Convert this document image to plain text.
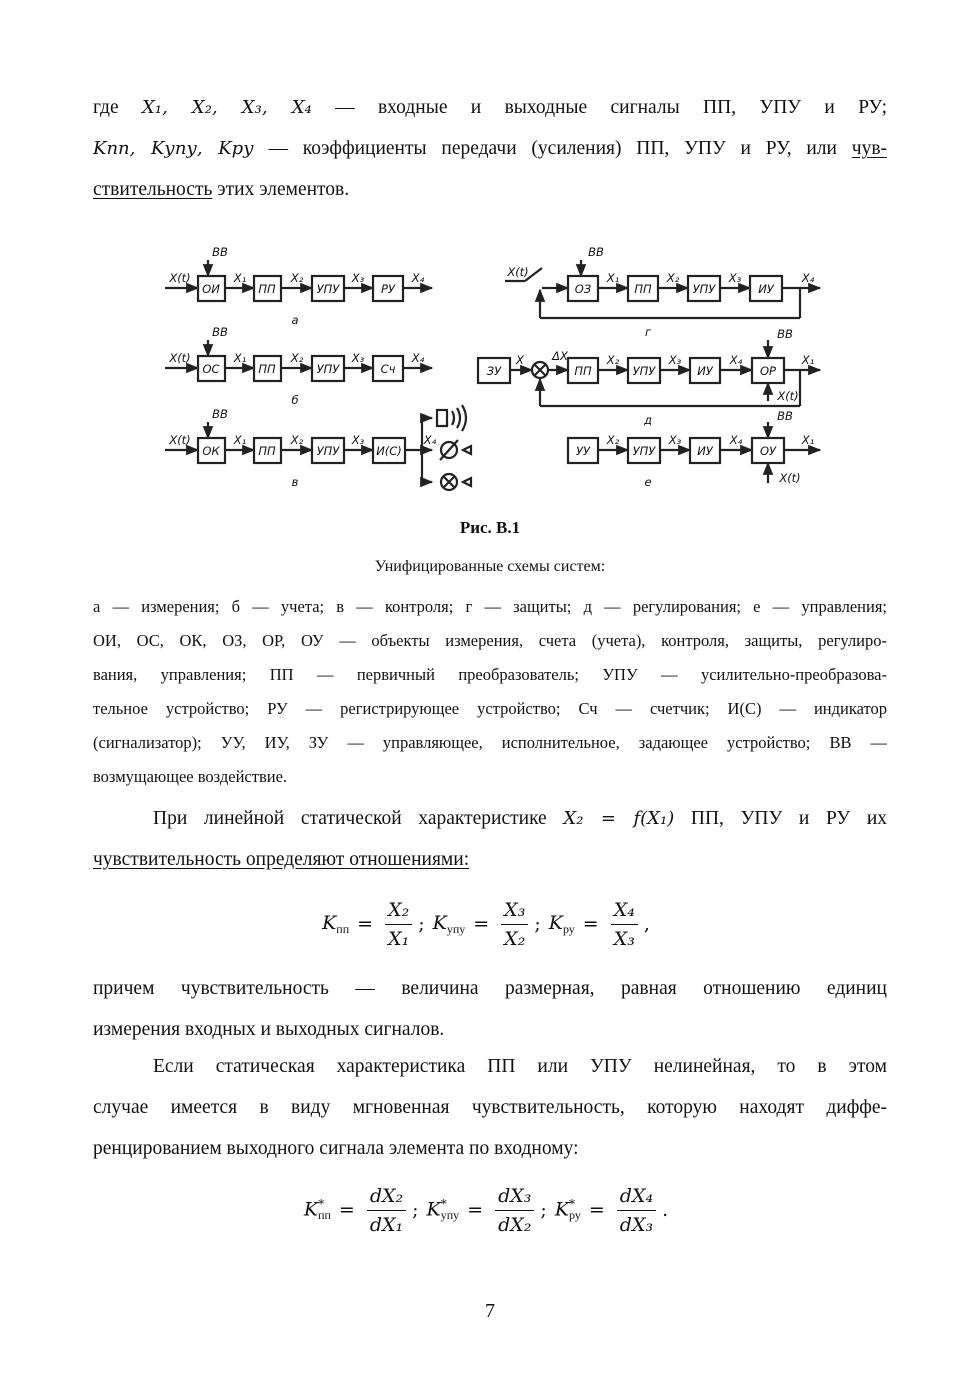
где X₁, X₂, X₃, X₄ — входные и выходные сигналы ПП, УПУ и РУ;
Kпп, Kупу, Kру — коэффициенты передачи (усиления) ПП, УПУ и РУ, или чув-
ствительность этих элементов.
X(t)
ВВ
ОИ	ПП	УПУ	РУ
X₁	X₂	X₃	X₄
а
X(t)
ВВ
ОС	ПП	УПУ	Сч
X₁	X₂	X₃	X₄
б
X(t)
ВВ
ОК	ПП	УПУ	И(С)
X₁	X₂	X₃	X₄
в
X(t)
ВВ
ОЗ	ПП	УПУ	ИУ
X₁	X₂	X₃	X₄
г
ЗУ
X ΔX
ПП	УПУ	ИУ	ОР
X₂	X₃	X₄	X₁
ВВ
X(t)
д
УУ	УПУ	ИУ	ОУ
X₂	X₃	X₄	X₁
ВВ
X(t)
е
Рис. В.1
Унифицированные схемы систем:
а — измерения; б — учета; в — контроля; г — защиты; д — регулирования; е — управления;
ОИ, ОС, ОК, ОЗ, ОР, ОУ — объекты измерения, счета (учета), контроля, защиты, регулиро-
вания, управления; ПП — первичный преобразователь; УПУ — усилительно-преобразова-
тельное устройство; РУ — регистрирующее устройство; Сч — счетчик; И(С) — индикатор
(сигнализатор); УУ, ИУ, ЗУ — управляющее, исполнительное, задающее устройство; ВВ —
возмущающее воздействие.
При линейной статической характеристике X₂ = f(X₁) ПП, УПУ и РУ их
чувствительность определяют отношениями:
$K_{пп} = \frac{\text{X₂}}{\text{X₁}}$ ; $K_{упу} = \frac{\text{X₃}}{\text{X₂}}$ ; $K_{ру} = \frac{\text{X₄}}{\text{X₃}}$ ,
причем чувствительность — величина размерная, равная отношению единиц
измерения входных и выходных сигналов.
Если статическая характеристика ПП или УПУ нелинейная, то в этом
случае имеется в виду мгновенная чувствительность, которую находят диффе-
ренцированием выходного сигнала элемента по входному:
$K^*_{пп} = \frac{\text{dX₂}}{\text{dX₁}}$ ; $K^*_{упу} = \frac{\text{dX₃}}{\text{dX₂}}$ ; $K^*_{ру} = \frac{\text{dX₄}}{\text{dX₃}}$ .
7
